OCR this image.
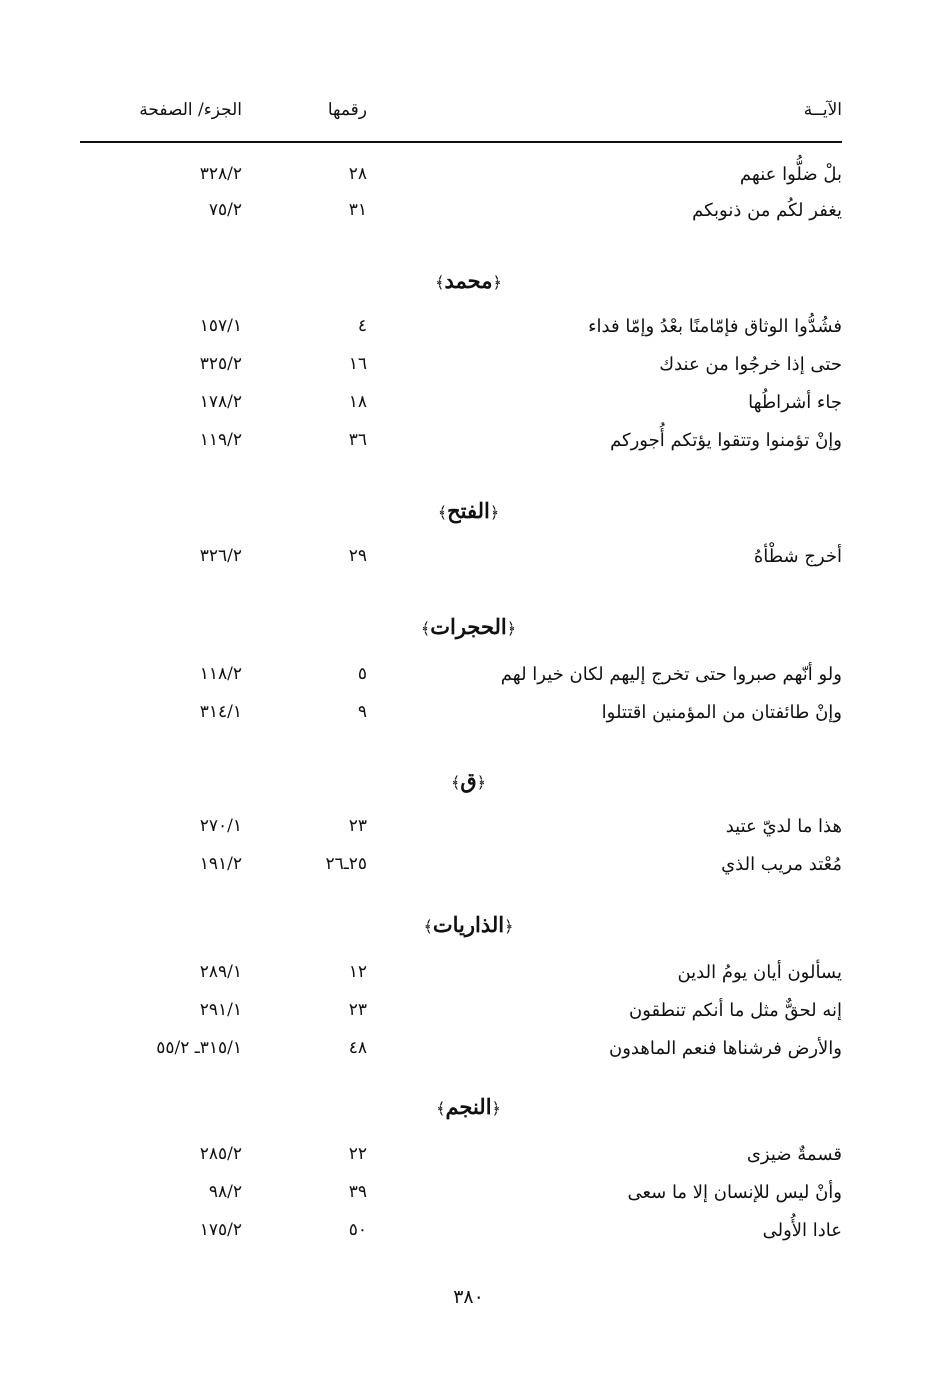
الآيــة
رقمها
الجزء/ الصفحة
بلْ ضلُّوا عنهم
٢٨
٣٢٨/٢
يغفر لكُم من ذنوبكم
٣١
٧٥/٢
﴿محمد﴾
فشُدُّوا الوثاق فإمّامنًا بعْدُ وإمّا فداء
٤
١٥٧/١
حتى إذا خرجُوا من عندك
١٦
٣٢٥/٢
جاء أشراطُها
١٨
١٧٨/٢
وإنْ تؤمنوا وتتقوا يؤتكم أُجوركم
٣٦
١١٩/٢
﴿الفتح﴾
أخرج شطْأهُ
٢٩
٣٢٦/٢
﴿الحجرات﴾
ولو أنّهم صبروا حتى تخرج إليهم لكان خيرا لهم
٥
١١٨/٢
وإنْ طائفتان من المؤمنين اقتتلوا
٩
٣١٤/١
﴿ق﴾
هذا ما لديّ عتيد
٢٣
٢٧٠/١
مُعْتد مريب الذي
٢٥ـ٢٦
١٩١/٢
﴿الذاريات﴾
يسألون أيان يومُ الدين
١٢
٢٨٩/١
إنه لحقٌّ مثل ما أنكم تنطقون
٢٣
٢٩١/١
والأرض فرشناها فنعم الماهدون
٤٨
٣١٥/١ـ ٥٥/٢
﴿النجم﴾
قسمةٌ ضيزى
٢٢
٢٨٥/٢
وأنْ ليس للإنسان إلا ما سعى
٣٩
٩٨/٢
عادا الأُولى
٥٠
١٧٥/٢
٣٨٠
